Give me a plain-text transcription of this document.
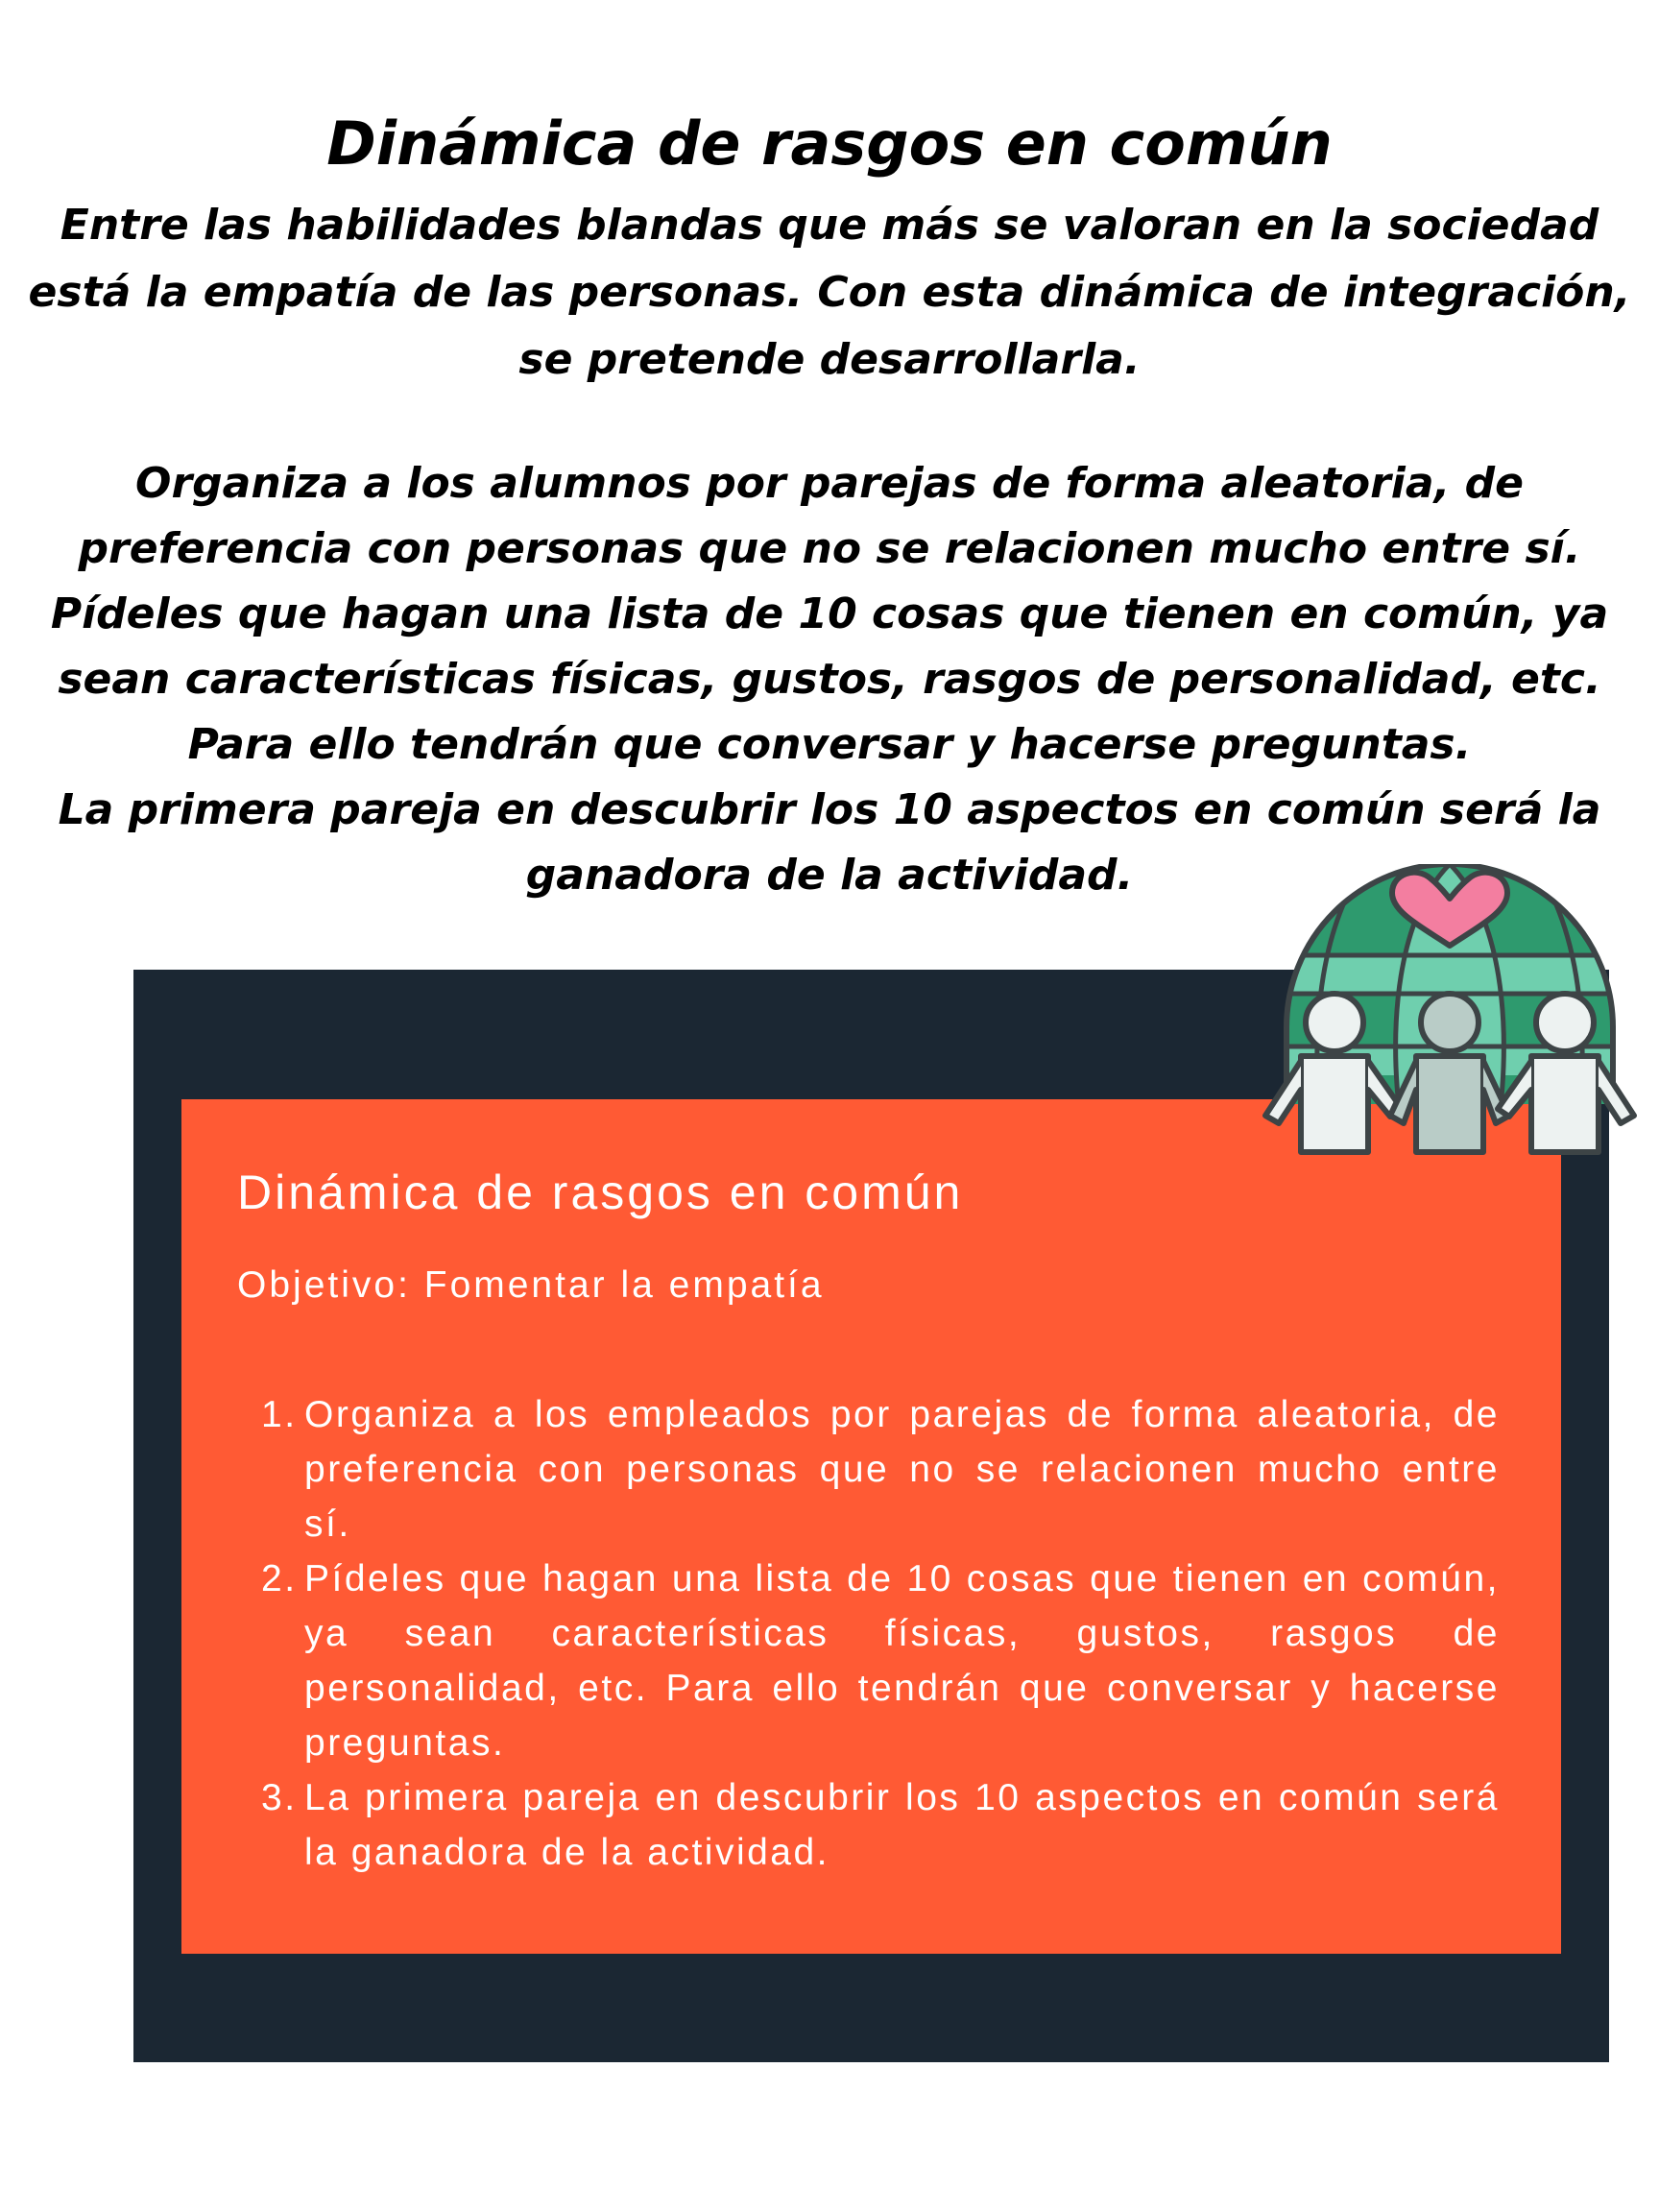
Dinámica de rasgos en común

Entre las habilidades blandas que más se valoran en la sociedad está la empatía de las personas. Con esta dinámica de integración, se pretende desarrollarla.

Organiza a los alumnos por parejas de forma aleatoria, de preferencia con personas que no se relacionen mucho entre sí.
Pídeles que hagan una lista de 10 cosas que tienen en común, ya sean características físicas, gustos, rasgos de personalidad, etc.
Para ello tendrán que conversar y hacerse preguntas.
La primera pareja en descubrir los 10 aspectos en común será la ganadora de la actividad.
Dinámica de rasgos en común

Objetivo: Fomentar la empatía

1. Organiza a los empleados por parejas de forma aleatoria, de preferencia con personas que no se relacionen mucho entre sí.
2. Pídeles que hagan una lista de 10 cosas que tienen en común, ya sean características físicas, gustos, rasgos de personalidad, etc. Para ello tendrán que conversar y hacerse preguntas.
3. La primera pareja en descubrir los 10 aspectos en común será la ganadora de la actividad.
